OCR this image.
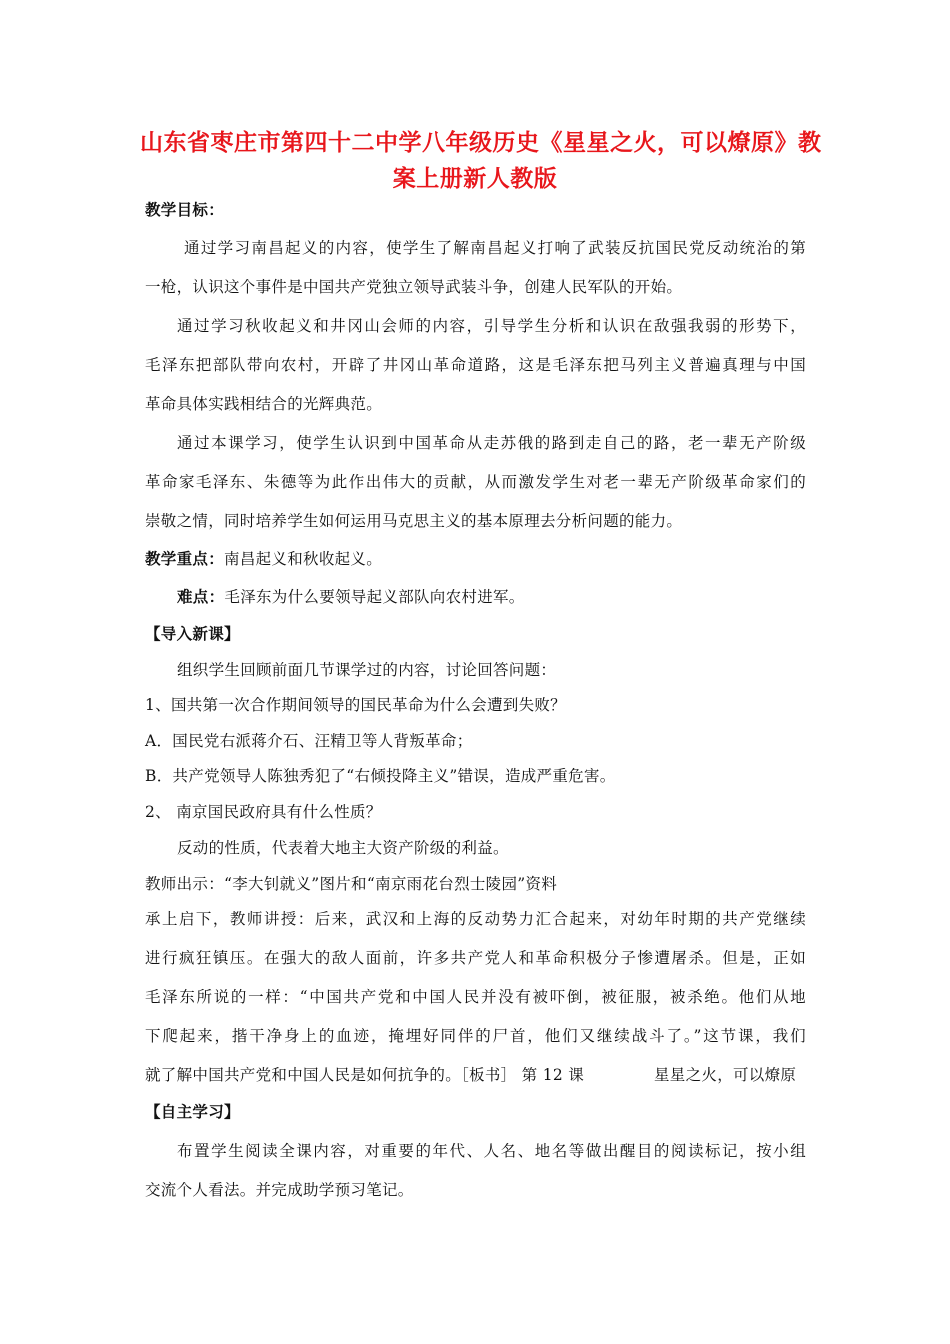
山东省枣庄市第四十二中学八年级历史《星星之火，可以燎原》教
案上册新人教版
教学目标：
通过学习南昌起义的内容，使学生了解南昌起义打响了武装反抗国民党反动统治的第
一枪，认识这个事件是中国共产党独立领导武装斗争，创建人民军队的开始。
通过学习秋收起义和井冈山会师的内容，引导学生分析和认识在敌强我弱的形势下，
毛泽东把部队带向农村，开辟了井冈山革命道路，这是毛泽东把马列主义普遍真理与中国
革命具体实践相结合的光辉典范。
通过本课学习，使学生认识到中国革命从走苏俄的路到走自己的路，老一辈无产阶级
革命家毛泽东、朱德等为此作出伟大的贡献，从而激发学生对老一辈无产阶级革命家们的
崇敬之情，同时培养学生如何运用马克思主义的基本原理去分析问题的能力。
教学重点：南昌起义和秋收起义。
难点：毛泽东为什么要领导起义部队向农村进军。
【导入新课】
组织学生回顾前面几节课学过的内容，讨论回答问题：
1、国共第一次合作期间领导的国民革命为什么会遭到失败？
A．国民党右派蒋介石、汪精卫等人背叛革命；
B．共产党领导人陈独秀犯了“右倾投降主义”错误，造成严重危害。
2、 南京国民政府具有什么性质？
反动的性质，代表着大地主大资产阶级的利益。
教师出示：“李大钊就义”图片和“南京雨花台烈士陵园”资料
承上启下，教师讲授：后来，武汉和上海的反动势力汇合起来，对幼年时期的共产党继续
进行疯狂镇压。在强大的敌人面前，许多共产党人和革命积极分子惨遭屠杀。但是，正如
毛泽东所说的一样：“中国共产党和中国人民并没有被吓倒，被征服，被杀绝。他们从地
下爬起来，揩干净身上的血迹，掩埋好同伴的尸首，他们又继续战斗了。”这节课，我们
就了解中国共产党和中国人民是如何抗争的。［板书］ 第 12 课	星星之火，可以燎原
【自主学习】
布置学生阅读全课内容，对重要的年代、人名、地名等做出醒目的阅读标记，按小组
交流个人看法。并完成助学预习笔记。
